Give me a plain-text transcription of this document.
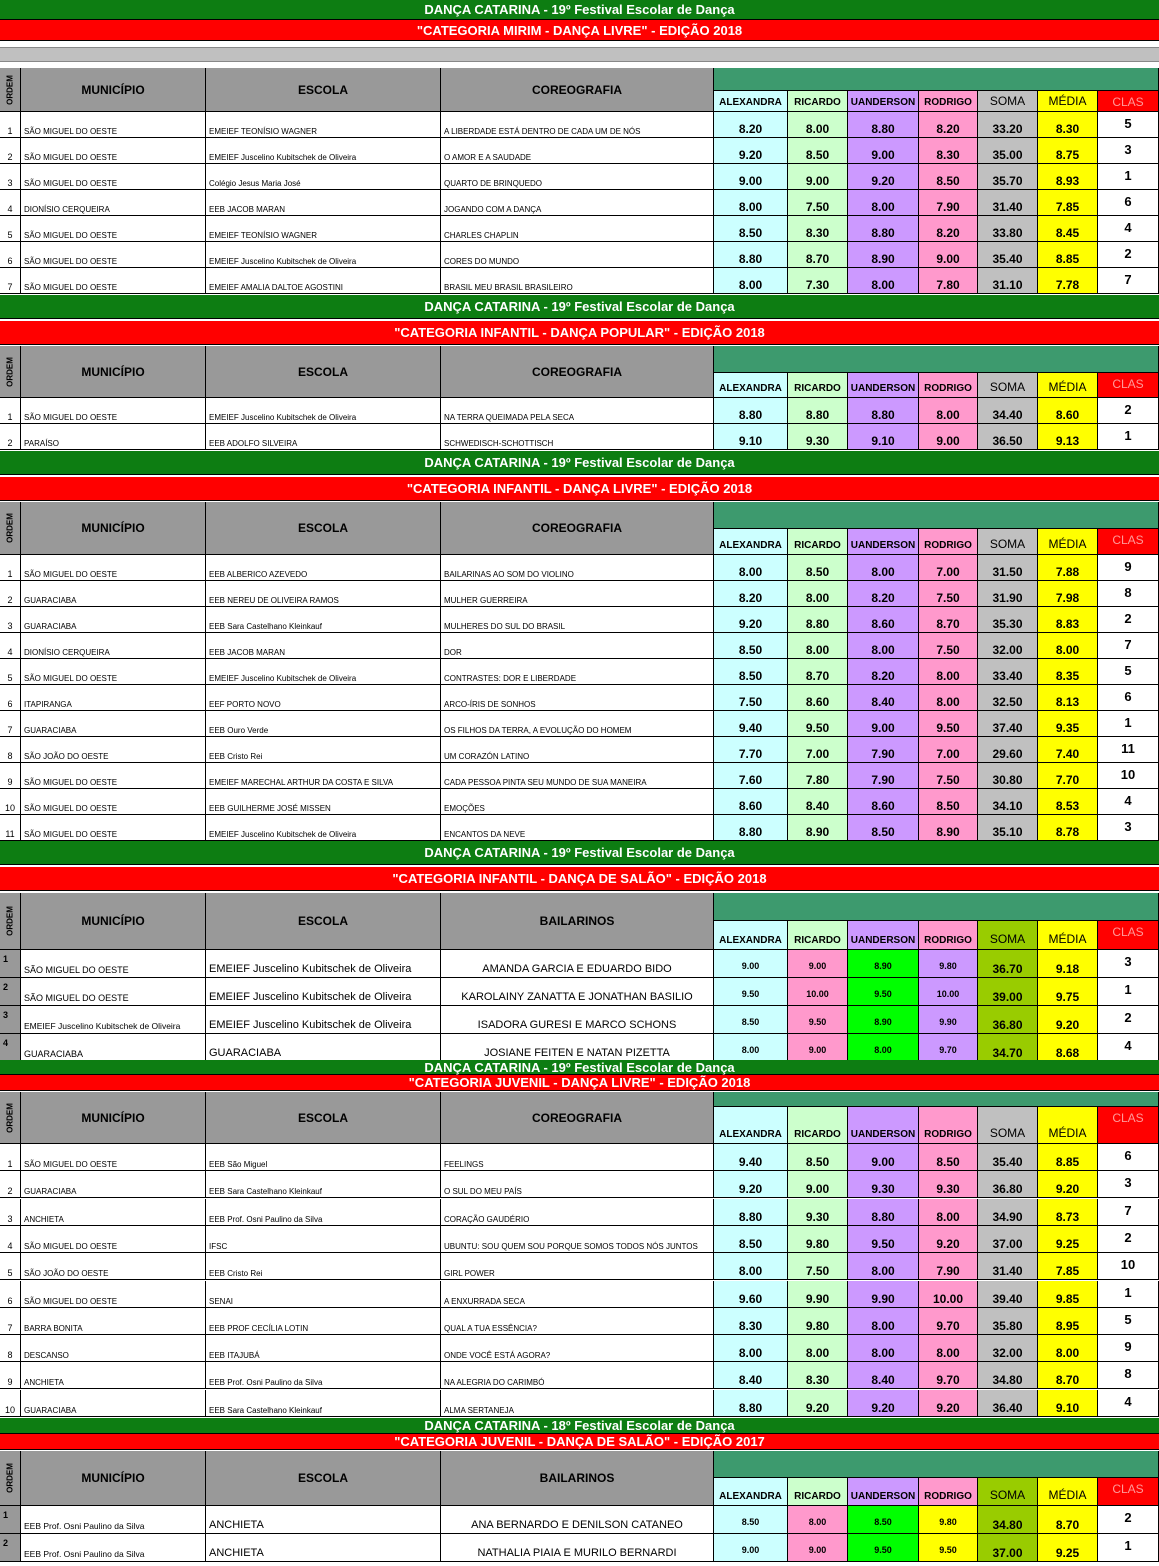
DANÇA CATARINA - 19º Festival Escolar de Dança
"CATEGORIA MIRIM - DANÇA LIVRE" - EDIÇÃO 2018
ORDEM	MUNICÍPIO	ESCOLA	COREOGRAFIA
ALEXANDRA	RICARDO UANDERSON RODRIGO	SOMA	MÉDIA	CLAS
1	SÃO MIGUEL DO OESTE	EMEIEF TEONÍSIO WAGNER	A LIBERDADE ESTÁ DENTRO DE CADA UM DE NÓS	8.20	8.00	8.80	8.20	33.20	8.30	5
2	SÃO MIGUEL DO OESTE	EMEIEF Juscelino Kubitschek de Oliveira	O AMOR E A SAUDADE	9.20	8.50	9.00	8.30	35.00	8.75	3
3	SÃO MIGUEL DO OESTE	Colégio Jesus Maria José	QUARTO DE BRINQUEDO	9.00	9.00	9.20	8.50	35.70	8.93	1
4	DIONÍSIO CERQUEIRA	EEB JACOB MARAN	JOGANDO COM A DANÇA	8.00	7.50	8.00	7.90	31.40	7.85	6
5	SÃO MIGUEL DO OESTE	EMEIEF TEONÍSIO WAGNER	CHARLES CHAPLIN	8.50	8.30	8.80	8.20	33.80	8.45	4
6	SÃO MIGUEL DO OESTE	EMEIEF Juscelino Kubitschek de Oliveira	CORES DO MUNDO	8.80	8.70	8.90	9.00	35.40	8.85	2
7	SÃO MIGUEL DO OESTE	EMEIEF AMALIA DALTOE AGOSTINI	BRASIL MEU BRASIL BRASILEIRO	8.00	7.30	8.00	7.80	31.10	7.78	7
DANÇA CATARINA - 19º Festival Escolar de Dança
"CATEGORIA INFANTIL - DANÇA POPULAR" - EDIÇÃO 2018
ORDEM	MUNICÍPIO	ESCOLA	COREOGRAFIA
ALEXANDRA	RICARDO UANDERSON RODRIGO	SOMA	MÉDIA	CLAS
1	SÃO MIGUEL DO OESTE	EMEIEF Juscelino Kubitschek de Oliveira	NA TERRA QUEIMADA PELA SECA	8.80	8.80	8.80	8.00	34.40	8.60	2
2	PARAÍSO	EEB ADOLFO SILVEIRA	SCHWEDISCH-SCHOTTISCH	9.10	9.30	9.10	9.00	36.50	9.13	1
DANÇA CATARINA - 19º Festival Escolar de Dança
"CATEGORIA INFANTIL - DANÇA LIVRE" - EDIÇÃO 2018
ORDEM	MUNICÍPIO	ESCOLA	COREOGRAFIA
ALEXANDRA	RICARDO UANDERSON RODRIGO	SOMA	MÉDIA	CLAS
1	SÃO MIGUEL DO OESTE	EEB ALBERICO AZEVEDO	BAILARINAS AO SOM DO VIOLINO	8.00	8.50	8.00	7.00	31.50	7.88	9
2	GUARACIABA	EEB NEREU DE OLIVEIRA RAMOS	MULHER GUERREIRA	8.20	8.00	8.20	7.50	31.90	7.98	8
3	GUARACIABA	EEB Sara Castelhano Kleinkauf	MULHERES DO SUL DO BRASIL	9.20	8.80	8.60	8.70	35.30	8.83	2
4	DIONÍSIO CERQUEIRA	EEB JACOB MARAN	DOR	8.50	8.00	8.00	7.50	32.00	8.00	7
5	SÃO MIGUEL DO OESTE	EMEIEF Juscelino Kubitschek de Oliveira	CONTRASTES: DOR E LIBERDADE	8.50	8.70	8.20	8.00	33.40	8.35	5
6	ITAPIRANGA	EEF PORTO NOVO	ARCO-ÍRIS DE SONHOS	7.50	8.60	8.40	8.00	32.50	8.13	6
7	GUARACIABA	EEB Ouro Verde	OS FILHOS DA TERRA, A EVOLUÇÃO DO HOMEM	9.40	9.50	9.00	9.50	37.40	9.35	1
8	SÃO JOÃO DO OESTE	EEB Cristo Rei	UM CORAZÓN LATINO	7.70	7.00	7.90	7.00	29.60	7.40	11
9	SÃO MIGUEL DO OESTE	EMEIEF MARECHAL ARTHUR DA COSTA E SILVA	CADA PESSOA PINTA SEU MUNDO DE SUA MANEIRA	7.60	7.80	7.90	7.50	30.80	7.70	10
10	SÃO MIGUEL DO OESTE	EEB GUILHERME JOSÉ MISSEN	EMOÇÕES	8.60	8.40	8.60	8.50	34.10	8.53	4
11	SÃO MIGUEL DO OESTE	EMEIEF Juscelino Kubitschek de Oliveira	ENCANTOS DA NEVE	8.80	8.90	8.50	8.90	35.10	8.78	3
DANÇA CATARINA - 19º Festival Escolar de Dança
"CATEGORIA INFANTIL - DANÇA DE SALÃO" - EDIÇÃO 2018
ORDEM	MUNICÍPIO	ESCOLA	BAILARINOS
ALEXANDRA	RICARDO UANDERSON RODRIGO	SOMA	MÉDIA	CLAS
1
SÃO MIGUEL DO OESTE	EMEIEF Juscelino Kubitschek de Oliveira	AMANDA GARCIA E EDUARDO BIDO	9.00	9.00	8.90	9.80	36.70	9.18	3
2
SÃO MIGUEL DO OESTE	EMEIEF Juscelino Kubitschek de Oliveira	KAROLAINY ZANATTA E JONATHAN BASILIO	9.50	10.00	9.50	10.00	39.00	9.75	1
3
EMEIEF Juscelino Kubitschek de Oliveira	EMEIEF Juscelino Kubitschek de Oliveira	ISADORA GURESI E MARCO SCHONS	8.50	9.50	8.90	9.90	36.80	9.20	2
4
GUARACIABA	GUARACIABA	JOSIANE FEITEN E NATAN PIZETTA	8.00	9.00	8.00	9.70	34.70	8.68	4
DANÇA CATARINA - 19º Festival Escolar de Dança
"CATEGORIA JUVENIL - DANÇA LIVRE" - EDIÇÃO 2018
ORDEM	MUNICÍPIO	ESCOLA	COREOGRAFIA
ALEXANDRA	RICARDO UANDERSON RODRIGO	SOMA	MÉDIA
CLAS
1	SÃO MIGUEL DO OESTE	EEB São Miguel	FEELINGS	9.40	8.50	9.00	8.50	35.40	8.85	6
2	GUARACIABA	EEB Sara Castelhano Kleinkauf	O SUL DO MEU PAÍS	9.20	9.00	9.30	9.30	36.80	9.20	3
3	ANCHIETA	EEB Prof. Osni Paulino da Silva	CORAÇÃO GAUDÉRIO	8.80	9.30	8.80	8.00	34.90	8.73	7
4	SÃO MIGUEL DO OESTE	IFSC	UBUNTU: SOU QUEM SOU PORQUE SOMOS TODOS NÓS JUNTOS	8.50	9.80	9.50	9.20	37.00	9.25	2
5	SÃO JOÃO DO OESTE	EEB Cristo Rei	GIRL POWER	8.00	7.50	8.00	7.90	31.40	7.85	10
6	SÃO MIGUEL DO OESTE	SENAI	A ENXURRADA SECA	9.60	9.90	9.90	10.00	39.40	9.85	1
7	BARRA BONITA	EEB PROF CECÍLIA LOTIN	QUAL A TUA ESSÊNCIA?	8.30	9.80	8.00	9.70	35.80	8.95	5
8	DESCANSO	EEB ITAJUBÁ	ONDE VOCÊ ESTÁ AGORA?	8.00	8.00	8.00	8.00	32.00	8.00	9
9	ANCHIETA	EEB Prof. Osni Paulino da Silva	NA ALEGRIA DO CARIMBÓ	8.40	8.30	8.40	9.70	34.80	8.70	8
10	GUARACIABA	EEB Sara Castelhano Kleinkauf	ALMA SERTANEJA	8.80	9.20	9.20	9.20	36.40	9.10	4
DANÇA CATARINA - 18º Festival Escolar de Dança
"CATEGORIA JUVENIL - DANÇA DE SALÃO" - EDIÇÃO 2017
ORDEM	MUNICÍPIO	ESCOLA	BAILARINOS
ALEXANDRA	RICARDO UANDERSON RODRIGO	SOMA	MÉDIA	CLAS
1
EEB Prof. Osni Paulino da Silva	ANCHIETA	ANA BERNARDO E DENILSON CATANEO	8.50	8.00	8.50	9.80	34.80	8.70	2
2
EEB Prof. Osni Paulino da Silva	ANCHIETA	NATHALIA PIAIA E MURILO BERNARDI	9.00	9.00	9.50	9.50	37.00	9.25	1
